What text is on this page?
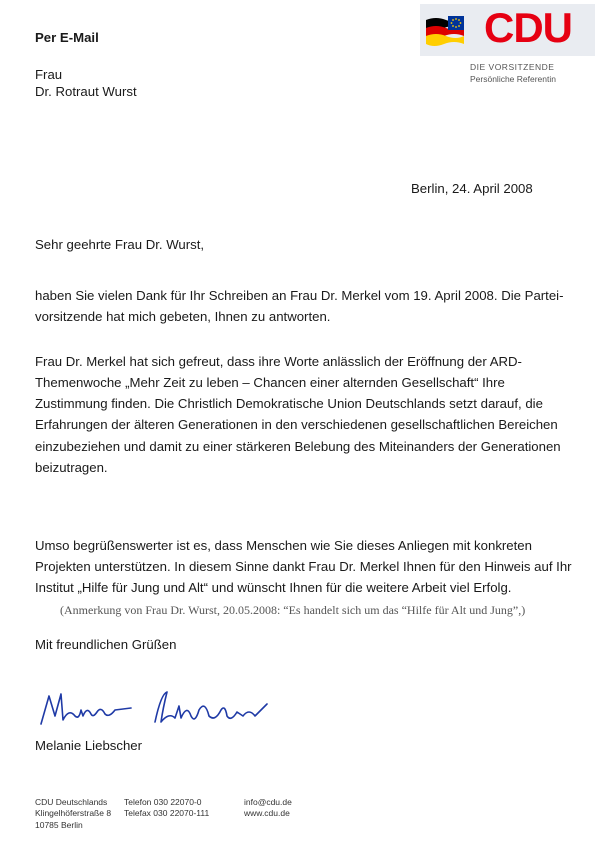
CDU
DIE VORSITZENDE
Persönliche Referentin
Per E-Mail
Frau
Dr. Rotraut Wurst
Berlin, 24. April 2008
Sehr geehrte Frau Dr. Wurst,
haben Sie vielen Dank für Ihr Schreiben an Frau Dr. Merkel vom 19. April 2008. Die Partei-vorsitzende hat mich gebeten, Ihnen zu antworten.
Frau Dr. Merkel hat sich gefreut, dass ihre Worte anlässlich der Eröffnung der ARD-Themenwoche „Mehr Zeit zu leben – Chancen einer alternden Gesellschaft“ Ihre Zustimmung finden. Die Christlich Demokratische Union Deutschlands setzt darauf, die Erfahrungen der älteren Generationen in den verschiedenen gesellschaftlichen Bereichen einzubeziehen und damit zu einer stärkeren Belebung des Miteinanders der Generationen beizutragen.
Umso begrüßenswerter ist es, dass Menschen wie Sie dieses Anliegen mit konkreten Projekten unterstützen. In diesem Sinne dankt Frau Dr. Merkel Ihnen für den Hinweis auf Ihr Institut „Hilfe für Jung und Alt“ und wünscht Ihnen für die weitere Arbeit viel Erfolg.
(Anmerkung von Frau Dr. Wurst, 20.05.2008: “Es handelt sich um das “Hilfe für Alt und Jung”,)
Mit freundlichen Grüßen
Melanie Liebscher
CDU Deutschlands
Klingelhöferstraße 8
10785 Berlin
Telefon 030 22070-0
Telefax 030 22070-111
info@cdu.de
www.cdu.de
